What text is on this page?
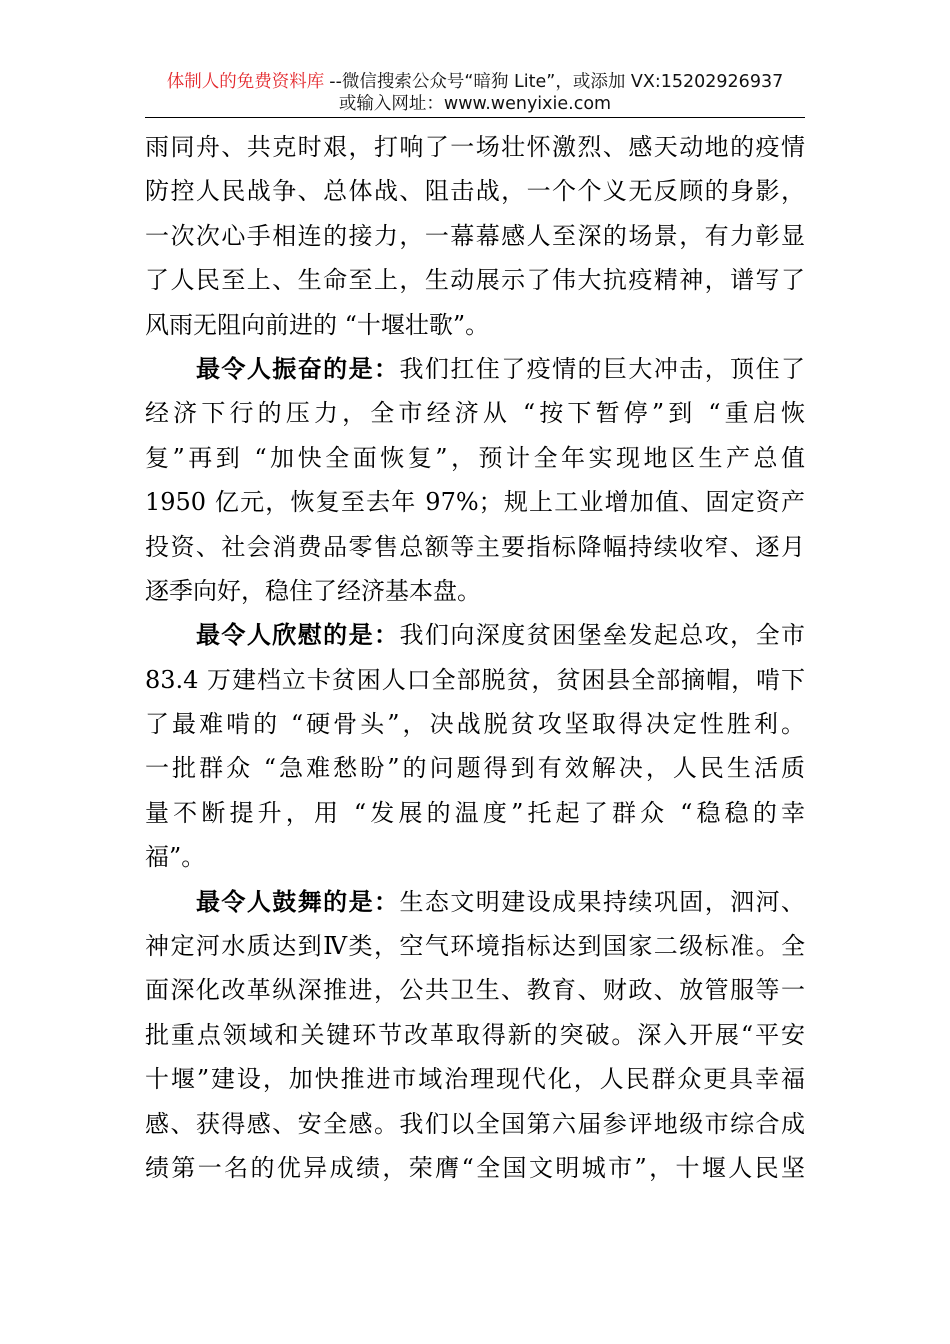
体制人的免费资料库 --微信搜索公众号“暗狗 Lite”，或添加 VX:15202926937
或输入网址：www.wenyixie.com
雨同舟、共克时艰，打响了一场壮怀激烈、感天动地的疫情
防控人民战争、总体战、阻击战，一个个义无反顾的身影，
一次次心手相连的接力，一幕幕感人至深的场景，有力彰显
了人民至上、生命至上，生动展示了伟大抗疫精神，谱写了
风雨无阻向前进的 “十堰壮歌”。
最令人振奋的是：我们扛住了疫情的巨大冲击，顶住了
经济下行的压力，全市经济从 “按下暂停”到 “重启恢
复”再到 “加快全面恢复”，预计全年实现地区生产总值
1950 亿元，恢复至去年 97%；规上工业增加值、固定资产
投资、社会消费品零售总额等主要指标降幅持续收窄、逐月
逐季向好，稳住了经济基本盘。
最令人欣慰的是：我们向深度贫困堡垒发起总攻，全市
83.4 万建档立卡贫困人口全部脱贫，贫困县全部摘帽，啃下
了最难啃的 “硬骨头”，决战脱贫攻坚取得决定性胜利。
一批群众 “急难愁盼”的问题得到有效解决，人民生活质
量不断提升，用 “发展的温度”托起了群众 “稳稳的幸
福”。
最令人鼓舞的是：生态文明建设成果持续巩固，泗河、
神定河水质达到Ⅳ类，空气环境指标达到国家二级标准。全
面深化改革纵深推进，公共卫生、教育、财政、放管服等一
批重点领域和关键环节改革取得新的突破。深入开展“平安
十堰”建设，加快推进市域治理现代化，人民群众更具幸福
感、获得感、安全感。我们以全国第六届参评地级市综合成
绩第一名的优异成绩，荣膺“全国文明城市”，十堰人民坚
